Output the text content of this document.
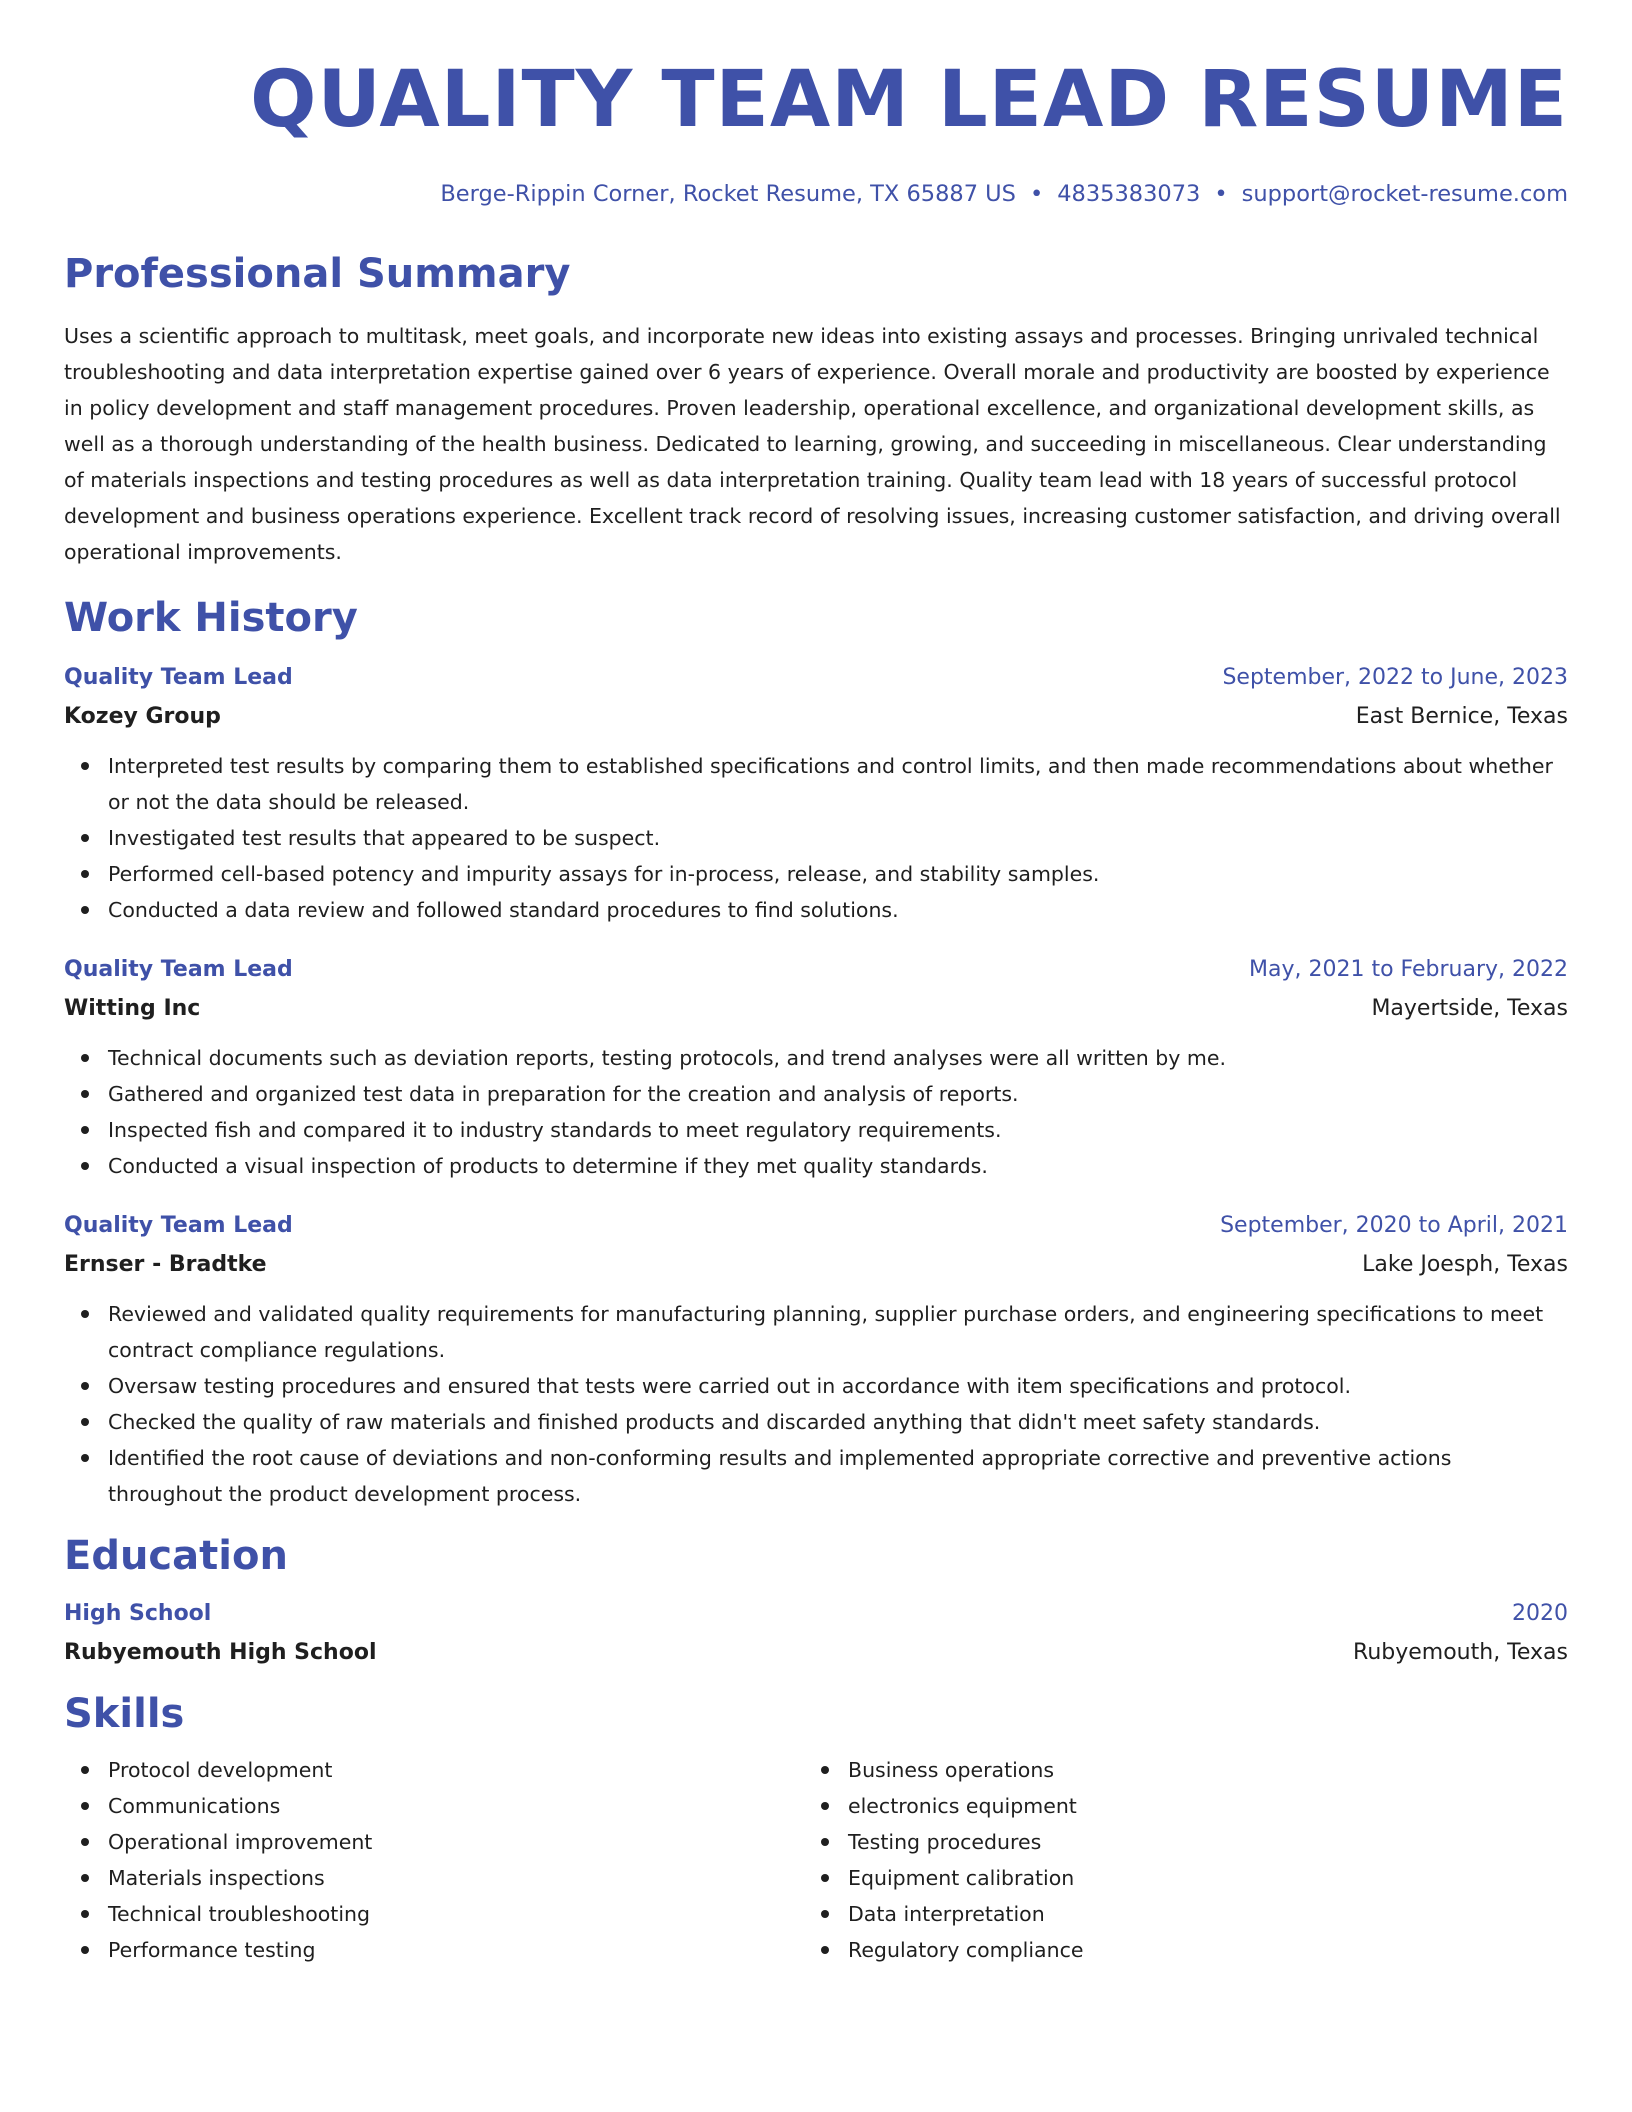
QUALITY TEAM LEAD RESUME
Berge-Rippin Corner, Rocket Resume, TX 65887 US • 4835383073 • support@rocket-resume.com
Professional Summary
Uses a scientific approach to multitask, meet goals, and incorporate new ideas into existing assays and processes. Bringing unrivaled technical troubleshooting and data interpretation expertise gained over 6 years of experience. Overall morale and productivity are boosted by experience in policy development and staff management procedures. Proven leadership, operational excellence, and organizational development skills, as well as a thorough understanding of the health business. Dedicated to learning, growing, and succeeding in miscellaneous. Clear understanding of materials inspections and testing procedures as well as data interpretation training. Quality team lead with 18 years of successful protocol development and business operations experience. Excellent track record of resolving issues, increasing customer satisfaction, and driving overall operational improvements.
Work History
Quality Team Lead	September, 2022 to June, 2023
Kozey Group	East Bernice, Texas
Interpreted test results by comparing them to established specifications and control limits, and then made recommendations about whether or not the data should be released.
Investigated test results that appeared to be suspect.
Performed cell-based potency and impurity assays for in-process, release, and stability samples.
Conducted a data review and followed standard procedures to find solutions.
Quality Team Lead	May, 2021 to February, 2022
Witting Inc	Mayertside, Texas
Technical documents such as deviation reports, testing protocols, and trend analyses were all written by me.
Gathered and organized test data in preparation for the creation and analysis of reports.
Inspected fish and compared it to industry standards to meet regulatory requirements.
Conducted a visual inspection of products to determine if they met quality standards.
Quality Team Lead	September, 2020 to April, 2021
Ernser - Bradtke	Lake Joesph, Texas
Reviewed and validated quality requirements for manufacturing planning, supplier purchase orders, and engineering specifications to meet contract compliance regulations.
Oversaw testing procedures and ensured that tests were carried out in accordance with item specifications and protocol.
Checked the quality of raw materials and finished products and discarded anything that didn't meet safety standards.
Identified the root cause of deviations and non-conforming results and implemented appropriate corrective and preventive actions throughout the product development process.
Education
High School	2020
Rubyemouth High School	Rubyemouth, Texas
Skills
Protocol development
Communications
Operational improvement
Materials inspections
Technical troubleshooting
Performance testing
Business operations
electronics equipment
Testing procedures
Equipment calibration
Data interpretation
Regulatory compliance
